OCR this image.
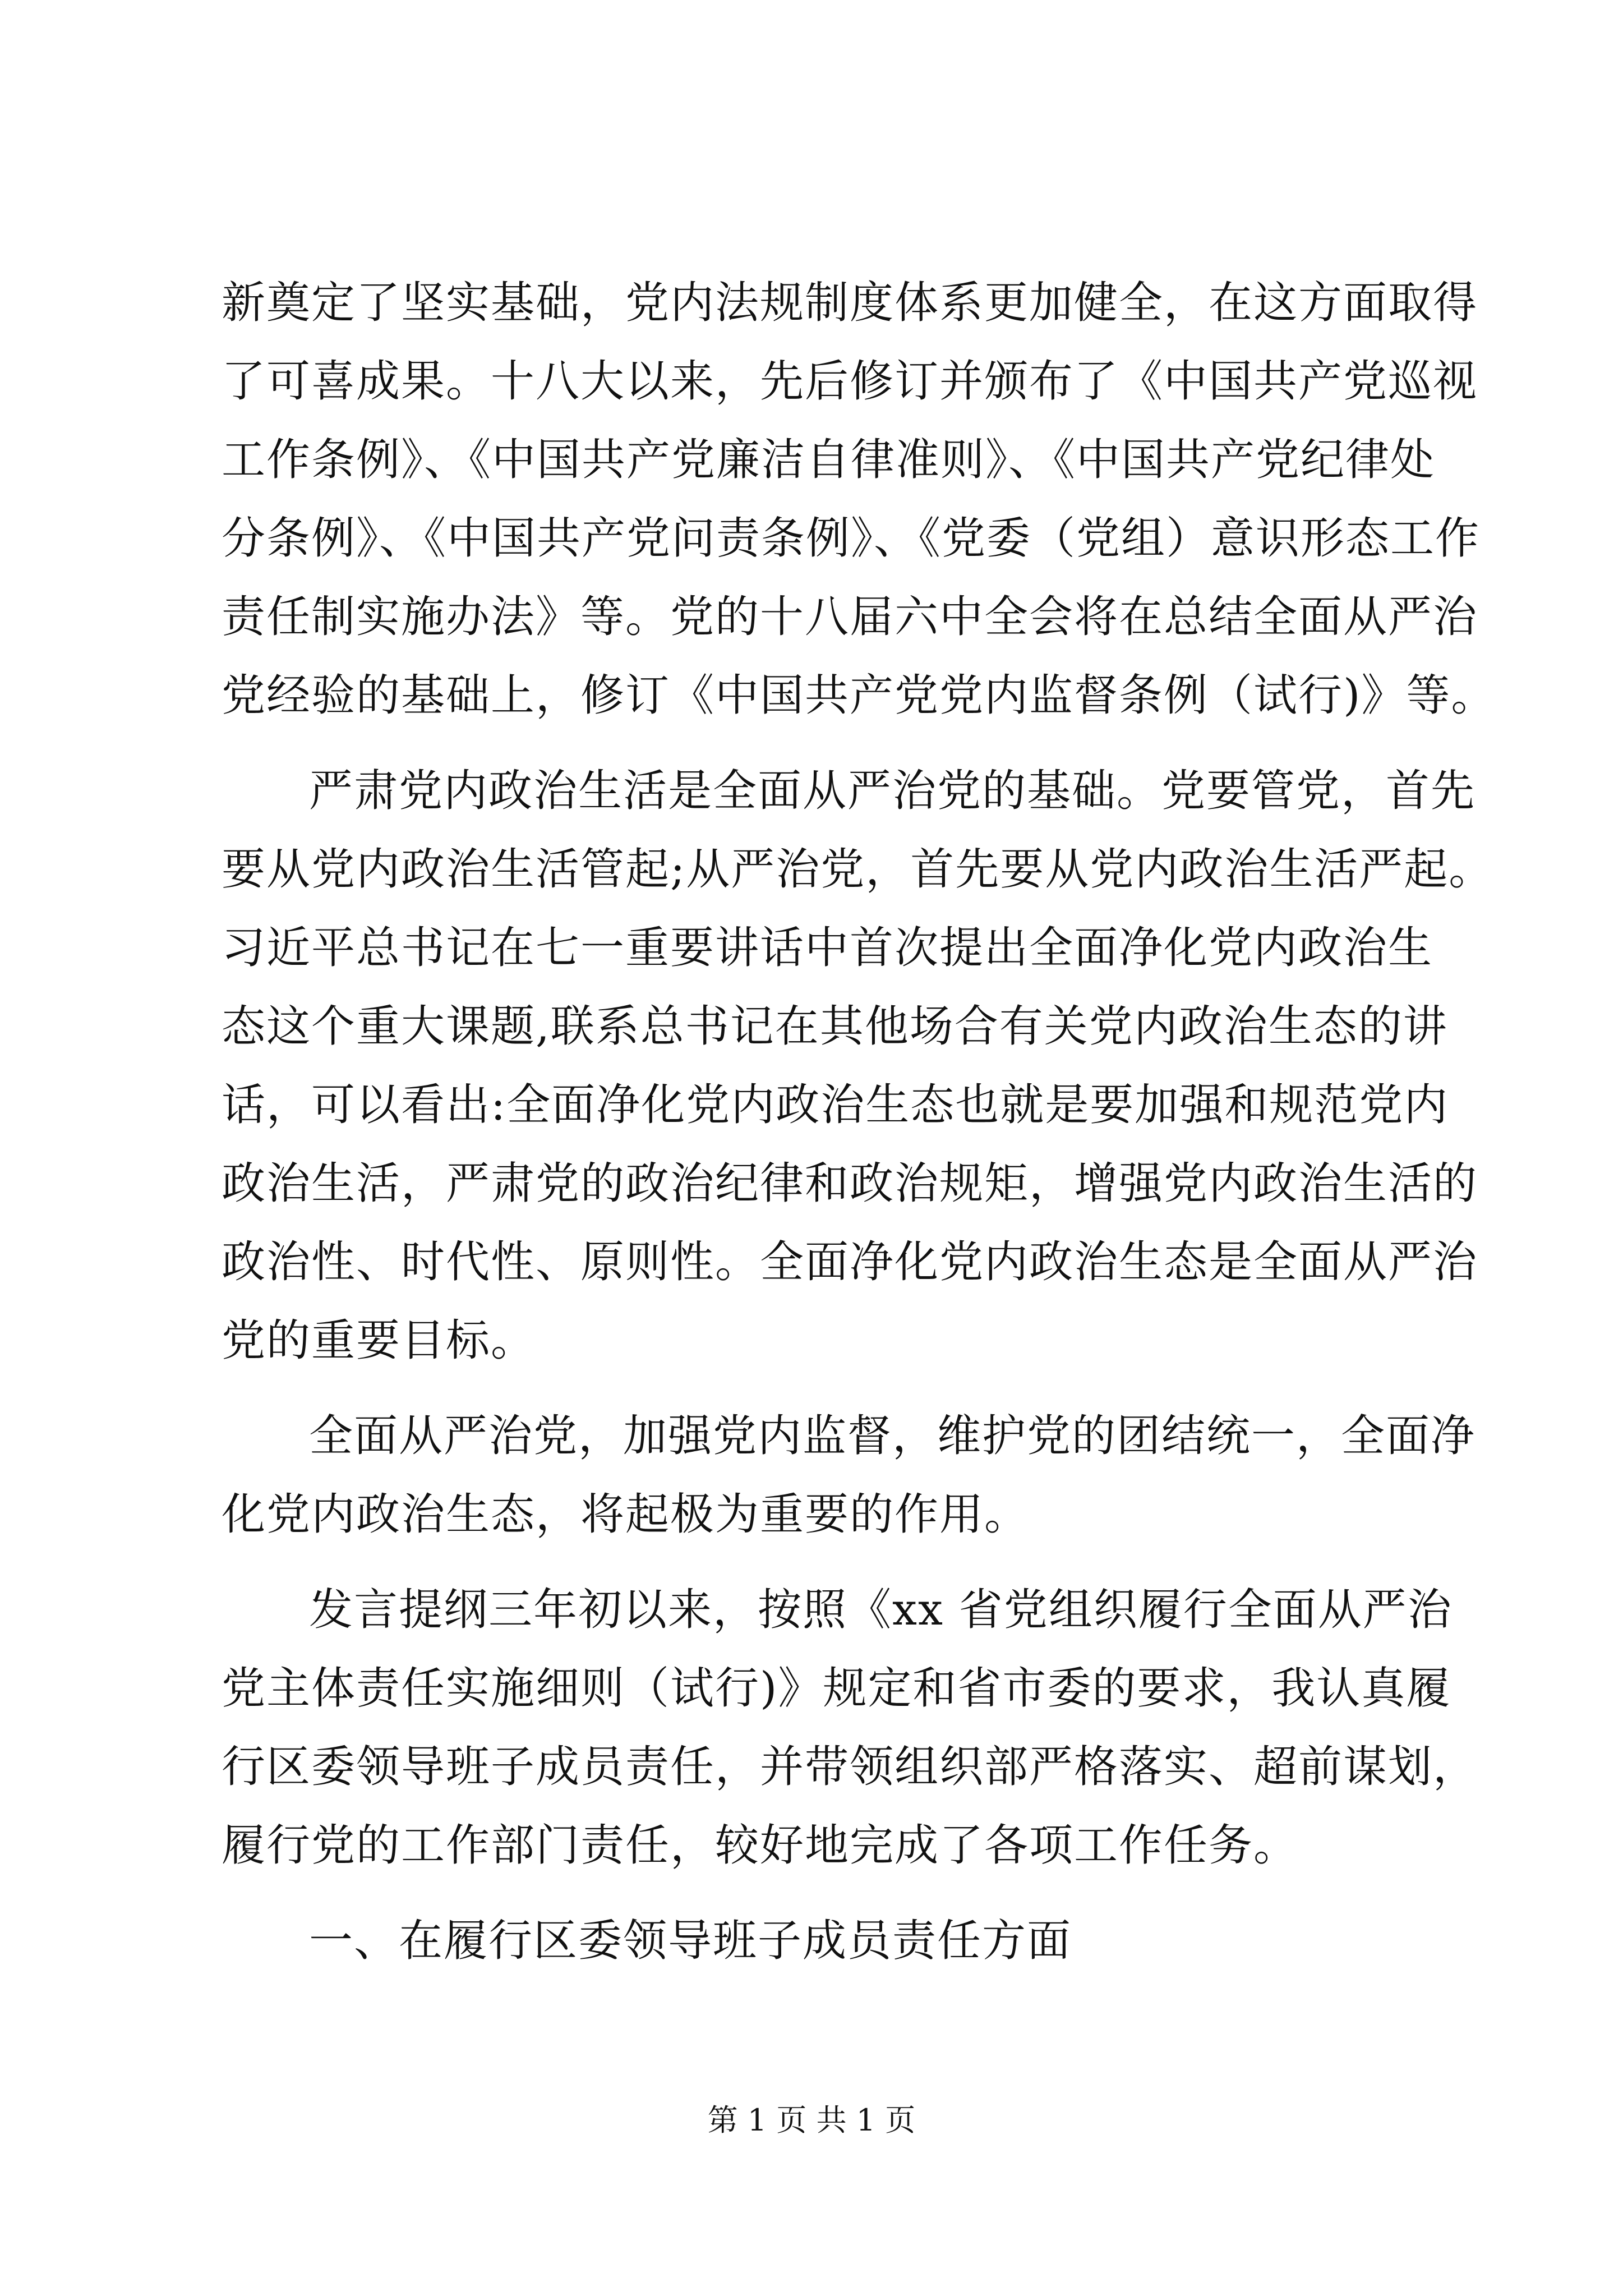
新奠定了坚实基础，党内法规制度体系更加健全，在这方面取得
了可喜成果。十八大以来，先后修订并颁布了《中国共产党巡视
工作条例》、《中国共产党廉洁自律准则》、《中国共产党纪律处
分条例》、《中国共产党问责条例》、《党委（党组）意识形态工作
责任制实施办法》等。党的十八届六中全会将在总结全面从严治
党经验的基础上，修订《中国共产党党内监督条例（试行)》等。
严肃党内政治生活是全面从严治党的基础。党要管党，首先
要从党内政治生活管起;从严治党，首先要从党内政治生活严起。
习近平总书记在七一重要讲话中首次提出全面净化党内政治生
态这个重大课题,联系总书记在其他场合有关党内政治生态的讲
话，可以看出:全面净化党内政治生态也就是要加强和规范党内
政治生活，严肃党的政治纪律和政治规矩，增强党内政治生活的
政治性、时代性、原则性。全面净化党内政治生态是全面从严治
党的重要目标。
全面从严治党，加强党内监督，维护党的团结统一，全面净
化党内政治生态，将起极为重要的作用。
发言提纲三年初以来，按照《xx 省党组织履行全面从严治
党主体责任实施细则（试行)》规定和省市委的要求，我认真履
行区委领导班子成员责任，并带领组织部严格落实、超前谋划，
履行党的工作部门责任，较好地完成了各项工作任务。
一、在履行区委领导班子成员责任方面
第 1 页 共 1 页
